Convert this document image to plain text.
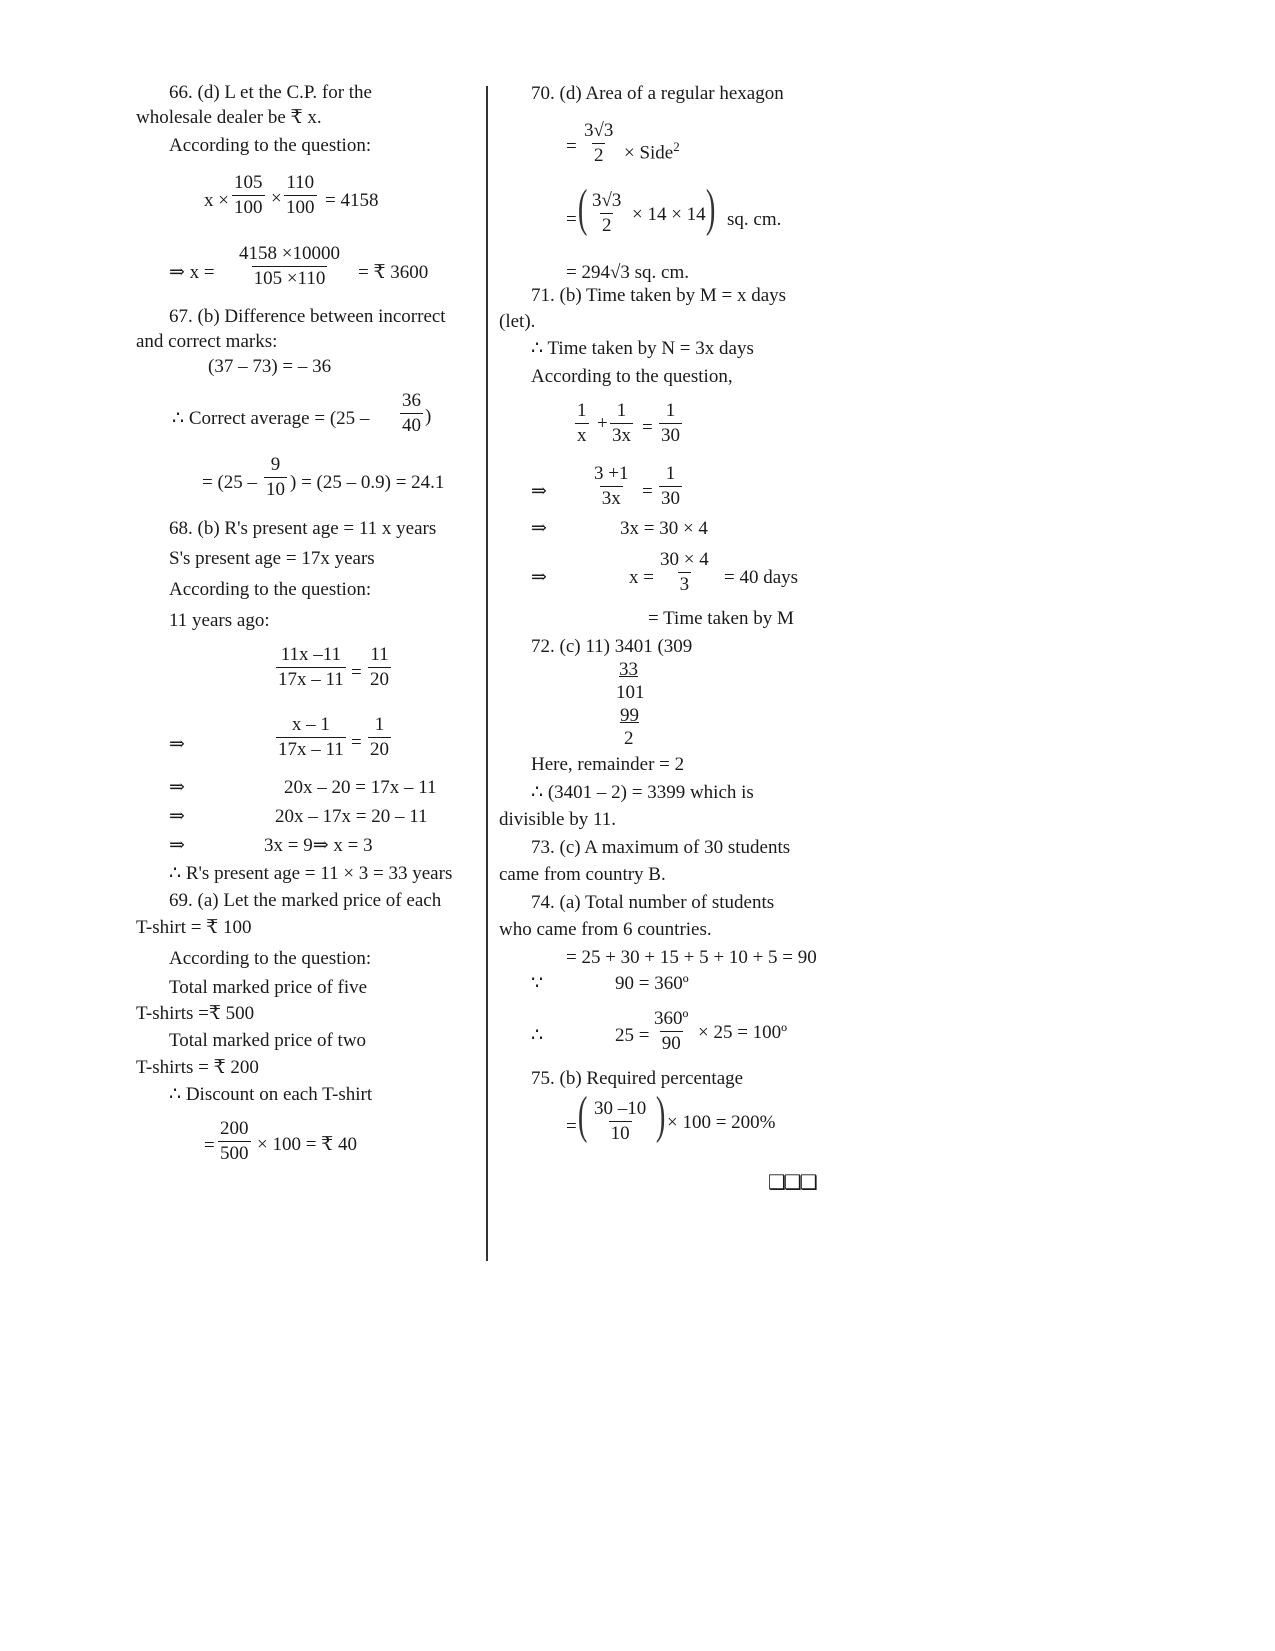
66. (d) L et the C.P. for the
wholesale dealer be ₹ x.
According to the question:
$x \times \frac{105}{100} \times \frac{110}{100} = 4158$
⇒ $x = \frac{4158 \times 10000}{105 \times 110}$ = ₹ 3600
67. (b) Difference between incorrect
and correct marks:
(37 – 73) = – 36
∴ Correct average = ($25 - \frac{36}{40}$ )
= ($25 - \frac{9}{10}$ ) = (25 – 0.9) = 24.1
68. (b) R's present age = 11 x years
S's present age = 17x years
According to the question:
11 years ago:
$\frac{11x -11}{17x - 11} = \frac{11}{20}$
⇒	$\frac{x - 1}{17x - 11} = \frac{1}{20}$
⇒	20x – 20 = 17x – 11
⇒	20x – 17x = 20 – 11
⇒	3x = 9⇒ x = 3
∴ R's present age = 11 × 3 = 33 years
69. (a) Let the marked price of each
T-shirt = ₹ 100
According to the question:
Total marked price of five
T-shirts =₹ 500
Total marked price of two
T-shirts = ₹ 200
∴ Discount on each T-shirt
= $\frac{200}{500} \times 100$ = ₹ 40
70. (d) Area of a regular hexagon
= $\frac{3√3}{2}$ × Side$^2$
= ( $\frac{3√3}{2} \times 14 \times 14$ ) sq. cm.
= 294√3 sq. cm.
71. (b) Time taken by M = x days
(let).
∴ Time taken by N = 3x days
According to the question,
$\frac{1}{x} + \frac{1}{3x} = \frac{1}{30}$
⇒ $\frac{3 +1}{3x} = \frac{1}{30}$
⇒	3x = 30 × 4
⇒	$x = \frac{30 \times 4}{3} = 40$ days
= Time taken by M
72. (c) 11) 3401 (309
33
101
99
2
Here, remainder = 2
∴ (3401 – 2) = 3399 which is
divisible by 11.
73. (c) A maximum of 30 students
came from country B.
74. (a) Total number of students
who came from 6 countries.
= 25 + 30 + 15 + 5 + 10 + 5 = 90
∵	90 = 360º
∴	$25 = \frac{\text{360º}}{90} \times 25$ = 100º
75. (b) Required percentage
= ( $\frac{30 -10}{10}$ ) × 100 = 200%
❑❑❑
